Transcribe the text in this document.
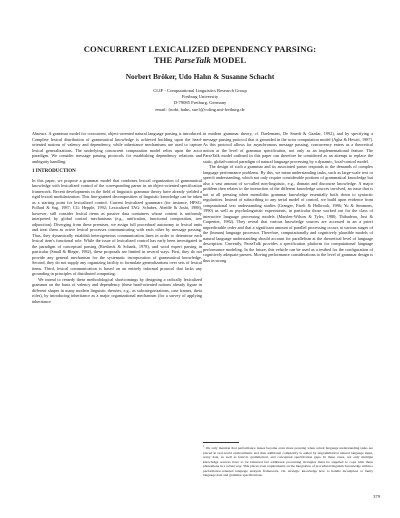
CONCURRENT LEXICALIZED DEPENDENCY PARSING:
THE ParseTalk MODEL
Norbert Bröker, Udo Hahn & Susanne Schacht
CLIF - Computational Linguistics Research Group
Freiburg University
D-79085 Freiburg, Germany
email: {nobi, hahn, sue}@coling.uni-freiburg.de

Abstract. A grammar model for concurrent, object-oriented natural language parsing is introduced. Complete lexical distribution of grammatical knowledge is achieved building upon the head-oriented notions of valency and dependency, while inheritance mechanisms are used to capture lexical generalizations. The underlying concurrent computation model relies upon the actor paradigm. We consider message passing protocols for establishing dependency relations and ambiguity handling.

1 INTRODUCTION

In this paper, we propose a grammar model that combines lexical organization of grammatical knowledge with lexicalized control of the corresponding parser in an object-oriented specification framework. Recent developments in the field of linguistic grammar theory have already yielded a rigid lexical modularization. This fine-grained decomposition of linguistic knowledge can be taken as a starting point for lexicalized control. Current lexicalized grammars (for instance, HPSG: Pollard & Sag, 1987; CG: Hepple, 1992; Lexicalized TAG: Schabes, Abeillé & Joshi, 1988), however, still consider lexical items as passive data containers whose content is uniformly interpreted by global control mechanisms (e.g., unification, functional composition, tree adjunction). Diverging from these premises, we assign full procedural autonomy to lexical units and treat them as active lexical processes communicating with each other by message passing. Thus, they dynamically establish heterogeneous communication lines in order to determine each lexical item's functional role. While the issue of lexicalized control has early been investigated in the paradigm of conceptual parsing (Riesbeck & Schank, 1978), and word expert parsing in particular (Small & Rieger, 1982), these proposals are limited in several ways. First, they do not provide any general mechanism for the systematic incorporation of grammatical knowledge. Second, they do not supply any organizing facility to formulate generalizations over sets of lexical items. Third, lexical communication is based on an entirely informal protocol that lacks any grounding in principles of distributed computing.

We intend to remedy these methodological shortcomings by designing a radically lexicalized grammar on the basis of valency and dependency (these head-oriented notions already figure in different shapes in many modern linguistic theories, e.g., as subcategorizations, case frames, theta roles), by introducing inheritance as a major organizational mechanism (for a survey of applying inheritance

in modern grammar theory, cf. Daelemans, De Smedt & Gazdar, 1992), and by specifying a message passing protocol that is grounded in the actor computation model (Agha & Hewitt, 1987). As this protocol allows for asynchronous message passing, concurrency enters as a theoretical notion at the level of grammar specification, not only as an implementational feature. The ParseTalk model outlined in this paper can therefore be considered as an attempt to replace the static, global-control paradigm of natural language processing by a dynamic, local-control model.

The design of such a grammar and its associated parser responds to the demands of complex language performance problems. By this, we mean understanding tasks, such as large-scale text or speech understanding, which not only require considerable portions of grammatical knowledge but also a vast amount of so-called non-linguistic, e.g., domain and discourse knowledge. A major problem then relates to the interaction of the different knowledge sources involved, an issue that is not at all pressing when monolithic grammar knowledge essentially boils down to syntactic regularities. Instead of subscribing to any serial model of control, we build upon evidence from computational text understanding studies (Granger, Eiselt & Holbrook, 1986; Yu & Simmons, 1990) as well as psycholinguistic experiments, in particular those worked out for the class of interactive language processing models (Marslen-Wilson & Tyler, 1980; Thibadeau, Just & Carpenter, 1982). They reveal that various knowledge sources are accessed in an a priori unpredictable order and that a significant amount of parallel processing occurs at various stages of the (human) language processor. Therefore, computationally and cognitively plausible models of natural language understanding should account for parallelism at the theoretical level of language description. Currently, ParseTalk provides a specification platform for computational language performance modeling. In the future, this vehicle can be used as a testbed for the configuration of cognitively adequate parsers. Moving performance considerations to the level of grammar design is thus in strong

$^1$ We only mention that performance issues become even more pressing when actual language understanding tasks are placed in real-world environments and thus additional complexity is added by ungrammatical natural language input, noisy data, as well as lexical, grammatical, and conceptual specification gaps. In these cases, not only multiple knowledge sources have to be balanced but additional processing strategies must be supplied to cope with these phenomena in a robust way. This places even requirements on the integration of procedural linguistic knowledge within a performance-oriented language analysis framework, viz. strategic knowledge how to handle incomplete or faulty language data and grammar specifications.
379
